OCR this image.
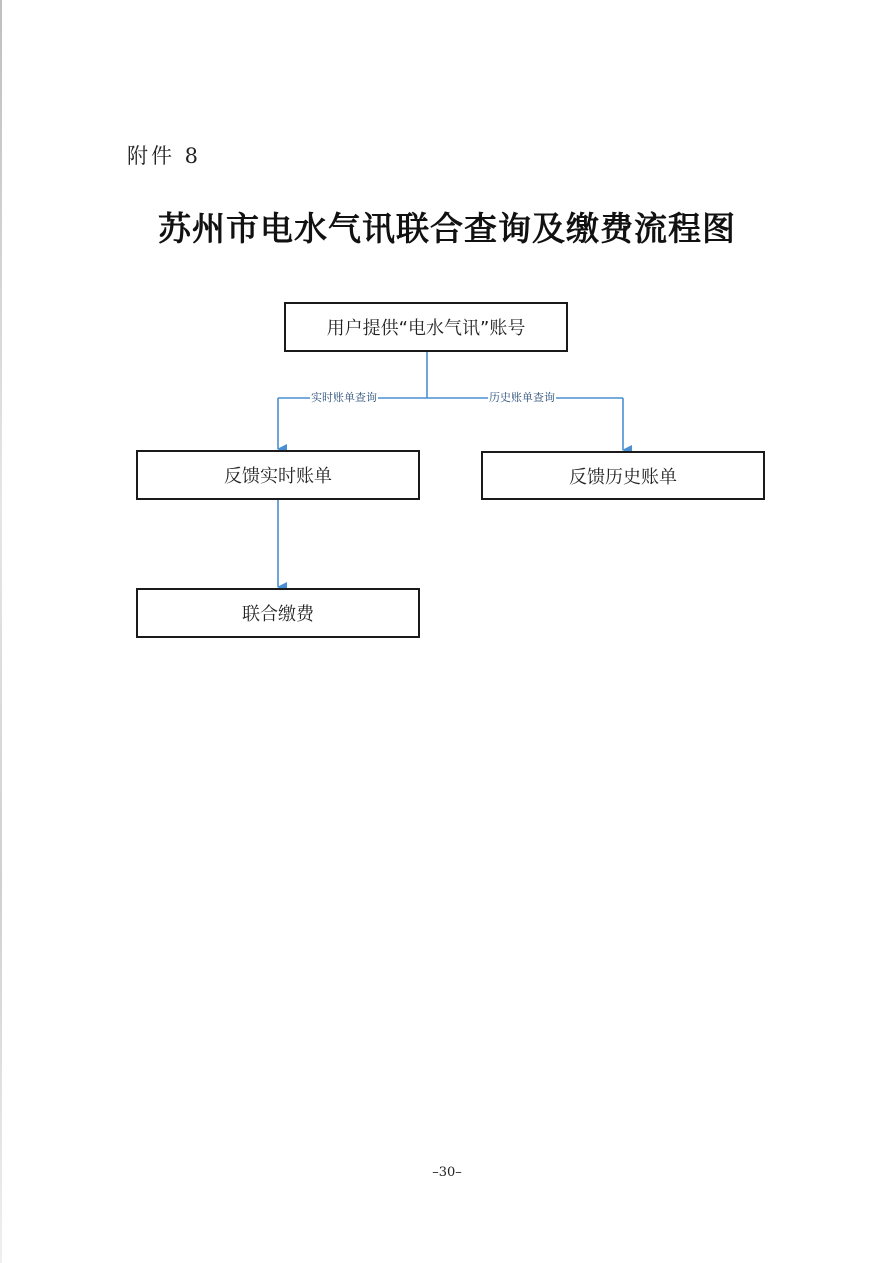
附件 8
苏州市电水气讯联合查询及缴费流程图
实时账单查询	历史账单查询
用户提供“电水气讯”账号
反馈实时账单	反馈历史账单
联合缴费
–30–
